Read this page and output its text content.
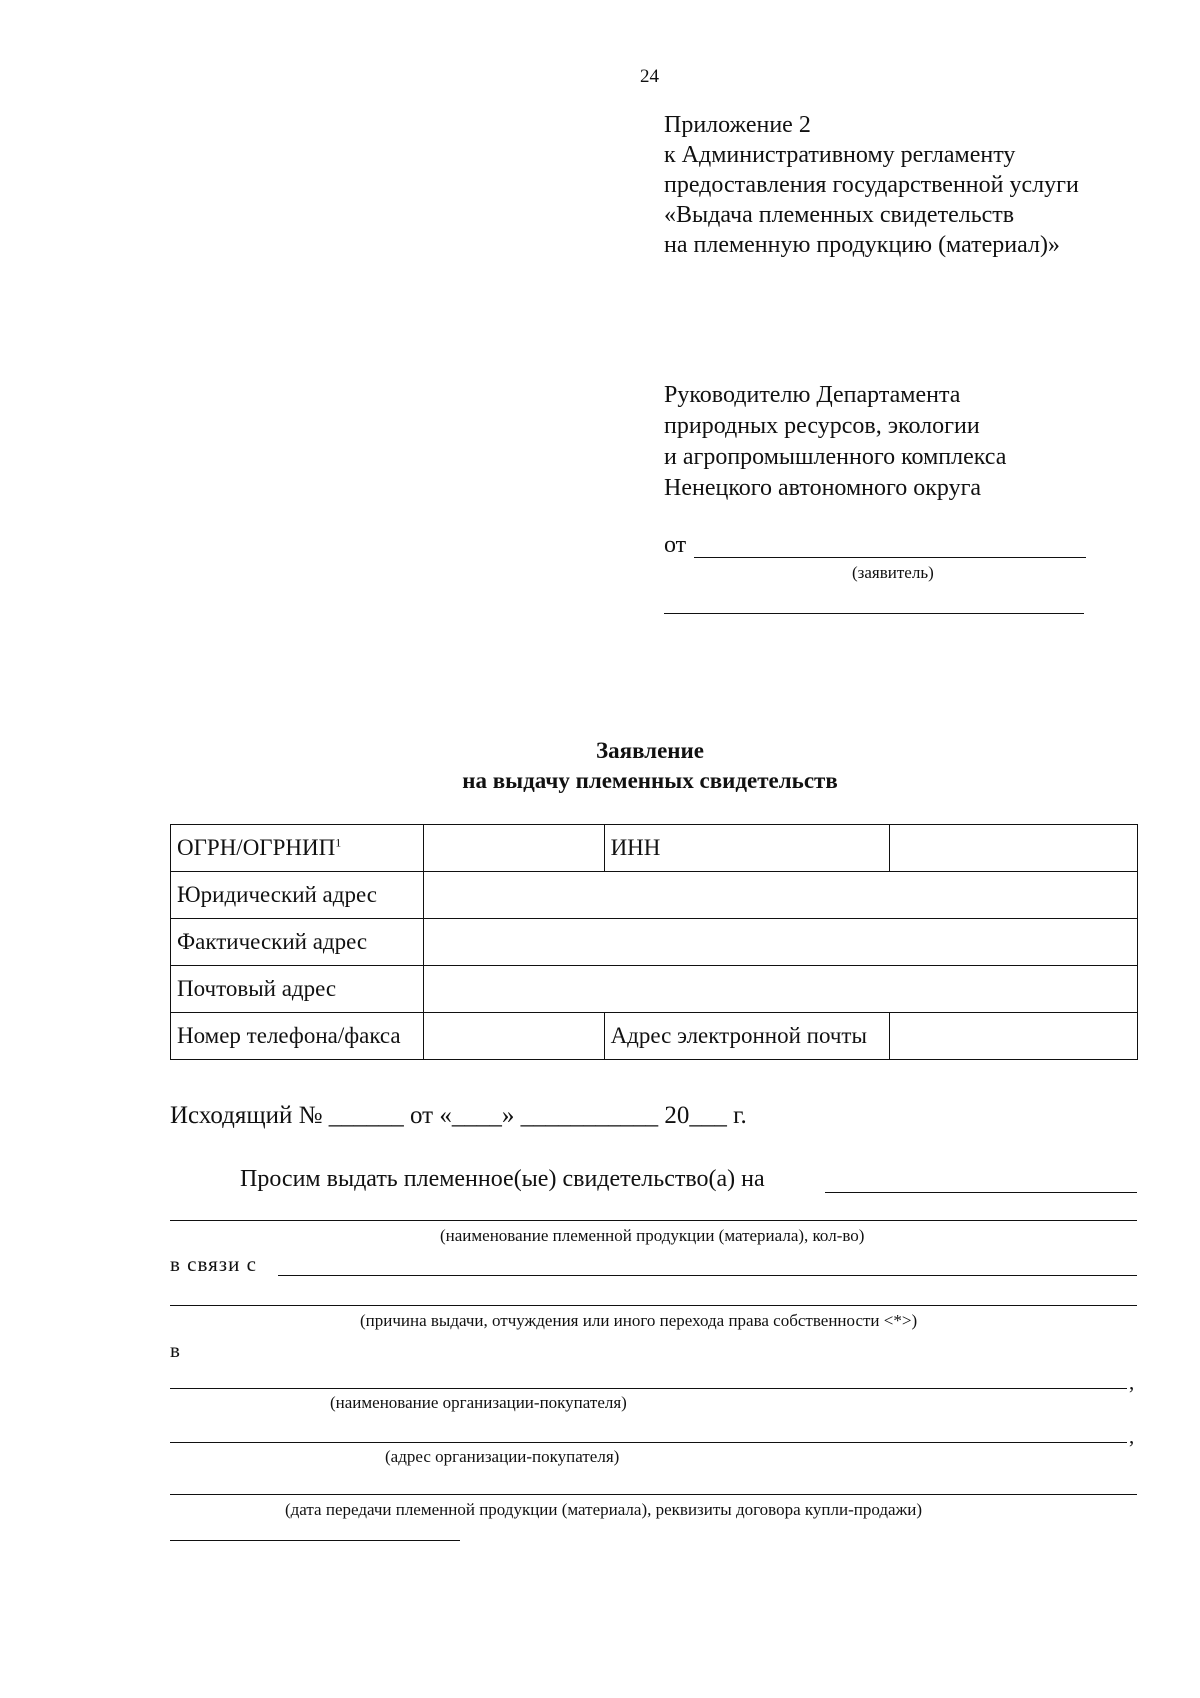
24
Приложение 2
к Административному регламенту
предоставления государственной услуги
«Выдача племенных свидетельств
на племенную продукцию (материал)»
Руководителю Департамента
природных ресурсов, экологии
и агропромышленного комплекса
Ненецкого автономного округа
от
(заявитель)
Заявление
на выдачу племенных свидетельств
ОГРН/ОГРНИП$^1$		ИНН	
Юридический адрес			
Фактический адрес			
Почтовый адрес			
Номер телефона/факса		Адрес электронной почты	
Исходящий № ______ от «____» ___________ 20___ г.
Просим выдать племенное(ые) свидетельство(а) на
(наименование племенной продукции (материала), кол-во)
в связи с
(причина выдачи, отчуждения или иного перехода права собственности <*>)
в
,
(наименование организации-покупателя)
,
(адрес организации-покупателя)
(дата передачи племенной продукции (материала), реквизиты договора купли-продажи)
